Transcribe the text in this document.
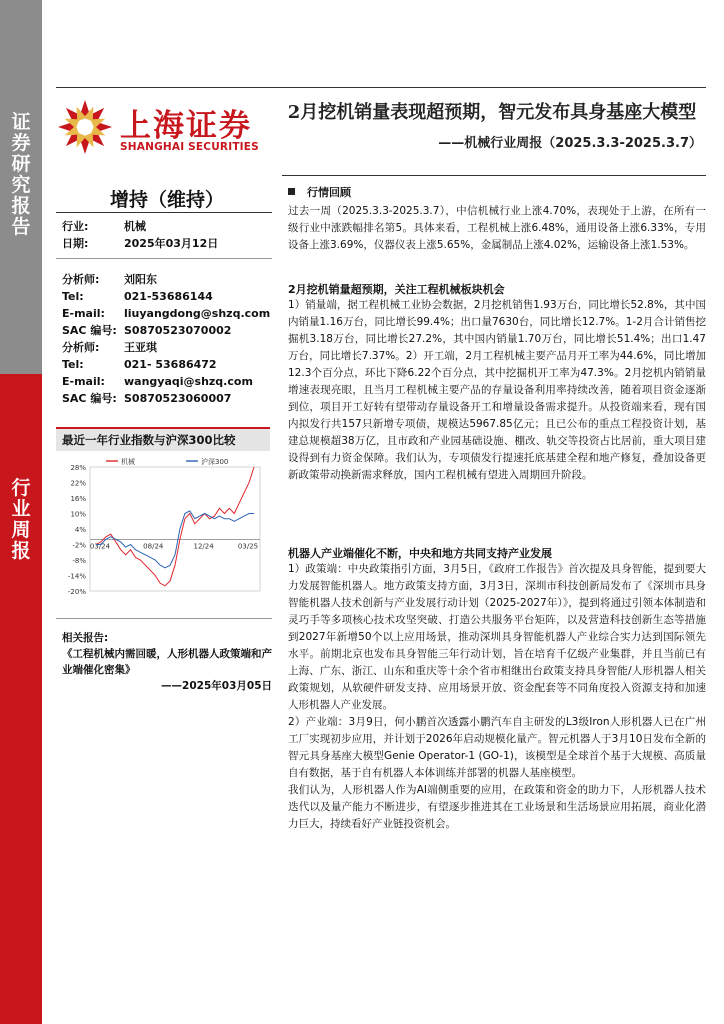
证券研究报告
行业周报
上海证券
SHANGHAI SECURITIES
2月挖机销量表现超预期，智元发布具身基座大模型
——机械行业周报（2025.3.3-2025.3.7）
增持（维持）
行业:	机械
日期:	2025年03月12日
分析师:	刘阳东
Tel:	021-53686144
E-mail:	liuyangdong@shzq.com
SAC 编号: S0870523070002
分析师:	王亚琪
Tel:	021- 53686472
E-mail:	wangyaqi@shzq.com
SAC 编号: S0870523060007
最近一年行业指数与沪深300比较
28%
22%
16%
10%
4%
-2%
-8%
-14%
-20%
03/24	08/24	12/24	03/25
机械	沪深300
相关报告:
《工程机械内需回暖，人形机器人政策端和产业端催化密集》
——2025年03月05日
行情回顾

过去一周（2025.3.3-2025.3.7），中信机械行业上涨4.70%，表现处于上游，在所有一级行业中涨跌幅排名第5。具体来看，工程机械上涨6.48%，通用设备上涨6.33%，专用设备上涨3.69%，仪器仪表上涨5.65%，金属制品上涨4.02%，运输设备上涨1.53%。

2月挖机销量超预期，关注工程机械板块机会

1）销量端，据工程机械工业协会数据，2月挖机销售1.93万台，同比增长52.8%，其中国内销量1.16万台，同比增长99.4%；出口量7630台，同比增长12.7%。1-2月合计销售挖掘机3.18万台，同比增长27.2%，其中国内销量1.70万台，同比增长51.4%；出口1.47万台，同比增长7.37%。2）开工端，2月工程机械主要产品月开工率为44.6%，同比增加12.3个百分点，环比下降6.22个百分点，其中挖掘机开工率为47.3%。2月挖机内销销量增速表现亮眼，且当月工程机械主要产品的存量设备利用率持续改善，随着项目资金逐渐到位，项目开工好转有望带动存量设备开工和增量设备需求提升。从投资端来看，现有国内拟发行共157只新增专项债，规模达5967.85亿元；且已公布的重点工程投资计划，基建总规模超38万亿，且市政和产业园基础设施、棚改、轨交等投资占比居前，重大项目建设得到有力资金保障。我们认为，专项债发行提速托底基建全程和地产修复，叠加设备更新政策带动换新需求释放，国内工程机械有望进入周期回升阶段。

机器人产业端催化不断，中央和地方共同支持产业发展

1）政策端：中央政策指引方面，3月5日，《政府工作报告》首次提及具身智能，提到要大力发展智能机器人。地方政策支持方面，3月3日，深圳市科技创新局发布了《深圳市具身智能机器人技术创新与产业发展行动计划（2025-2027年）》，提到将通过引领本体制造和灵巧手等多项核心技术攻坚突破、打造公共服务平台矩阵，以及营造科技创新生态等措施到2027年新增50个以上应用场景，推动深圳具身智能机器人产业综合实力达到国际领先水平。前期北京也发布具身智能三年行动计划，旨在培育千亿级产业集群，并且当前已有上海、广东、浙江、山东和重庆等十余个省市相继出台政策支持具身智能/人形机器人相关政策规划，从软硬件研发支持、应用场景开放、资金配套等不同角度投入资源支持和加速人形机器人产业发展。

2）产业端：3月9日，何小鹏首次透露小鹏汽车自主研发的L3级Iron人形机器人已在广州工厂实现初步应用，并计划于2026年启动规模化量产。智元机器人于3月10日发布全新的智元具身基座大模型Genie Operator-1 (GO-1)，该模型是全球首个基于大规模、高质量自有数据，基于自有机器人本体训练并部署的机器人基座模型。

我们认为，人形机器人作为AI端侧重要的应用，在政策和资金的助力下，人形机器人技术迭代以及量产能力不断进步，有望逐步推进其在工业场景和生活场景应用拓展，商业化潜力巨大，持续看好产业链投资机会。
